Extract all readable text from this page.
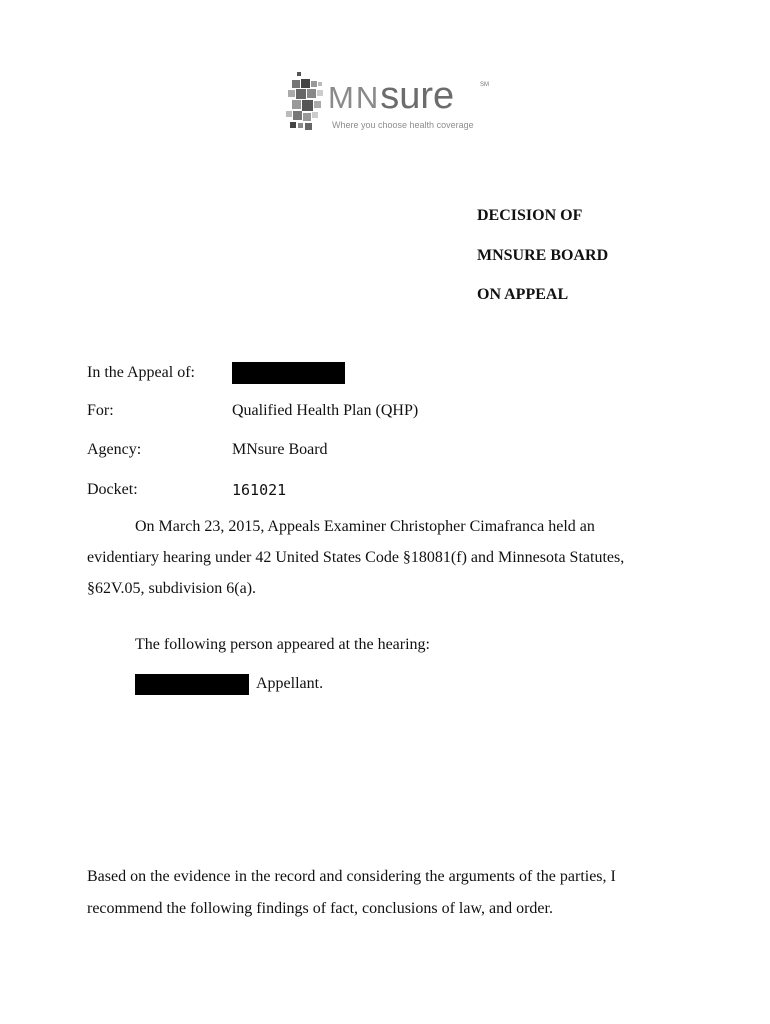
MNsure	SM
Where you choose health coverage
DECISION OF
MNSURE BOARD
ON APPEAL
In the Appeal of:
For:	Qualified Health Plan (QHP)
Agency:	MNsure Board
Docket:	161021
On March 23, 2015, Appeals Examiner Christopher Cimafranca held an
evidentiary hearing under 42 United States Code §18081(f) and Minnesota Statutes,
§62V.05, subdivision 6(a).
The following person appeared at the hearing:
Appellant.
Based on the evidence in the record and considering the arguments of the parties, I
recommend the following findings of fact, conclusions of law, and order.
